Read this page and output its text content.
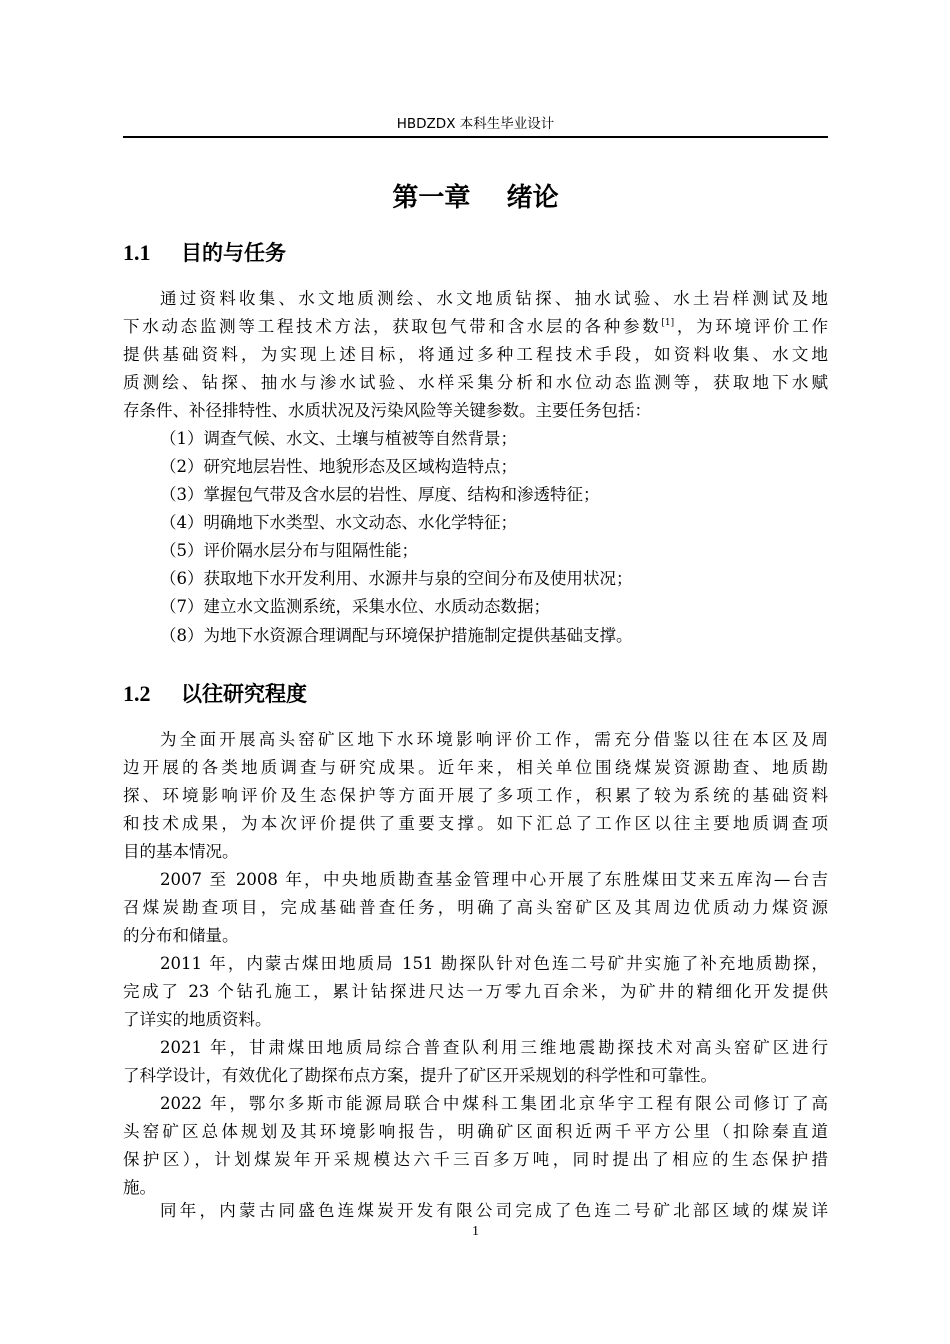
HBDZDX 本科生毕业设计
第一章    绪论
1.1 目的与任务
通过资料收集、水文地质测绘、水文地质钻探、抽水试验、水土岩样测试及地
下水动态监测等工程技术方法，获取包气带和含水层的各种参数[1]，为环境评价工作
提供基础资料，为实现上述目标，将通过多种工程技术手段，如资料收集、水文地
质测绘、钻探、抽水与渗水试验、水样采集分析和水位动态监测等，获取地下水赋
存条件、补径排特性、水质状况及污染风险等关键参数。主要任务包括：
（1）调查气候、水文、土壤与植被等自然背景；
（2）研究地层岩性、地貌形态及区域构造特点；
（3）掌握包气带及含水层的岩性、厚度、结构和渗透特征；
（4）明确地下水类型、水文动态、水化学特征；
（5）评价隔水层分布与阻隔性能；
（6）获取地下水开发利用、水源井与泉的空间分布及使用状况；
（7）建立水文监测系统，采集水位、水质动态数据；
（8）为地下水资源合理调配与环境保护措施制定提供基础支撑。
1.2 以往研究程度
为全面开展高头窑矿区地下水环境影响评价工作，需充分借鉴以往在本区及周
边开展的各类地质调查与研究成果。近年来，相关单位围绕煤炭资源勘查、地质勘
探、环境影响评价及生态保护等方面开展了多项工作，积累了较为系统的基础资料
和技术成果，为本次评价提供了重要支撑。如下汇总了工作区以往主要地质调查项
目的基本情况。
2007 至 2008 年，中央地质勘查基金管理中心开展了东胜煤田艾来五库沟—台吉
召煤炭勘查项目，完成基础普查任务，明确了高头窑矿区及其周边优质动力煤资源
的分布和储量。
2011 年，内蒙古煤田地质局 151 勘探队针对色连二号矿井实施了补充地质勘探，
完成了 23 个钻孔施工，累计钻探进尺达一万零九百余米，为矿井的精细化开发提供
了详实的地质资料。
2021 年，甘肃煤田地质局综合普查队利用三维地震勘探技术对高头窑矿区进行
了科学设计，有效优化了勘探布点方案，提升了矿区开采规划的科学性和可靠性。
2022 年，鄂尔多斯市能源局联合中煤科工集团北京华宇工程有限公司修订了高
头窑矿区总体规划及其环境影响报告，明确矿区面积近两千平方公里（扣除秦直道
保护区），计划煤炭年开采规模达六千三百多万吨，同时提出了相应的生态保护措
施。
同年，内蒙古同盛色连煤炭开发有限公司完成了色连二号矿北部区域的煤炭详
1
